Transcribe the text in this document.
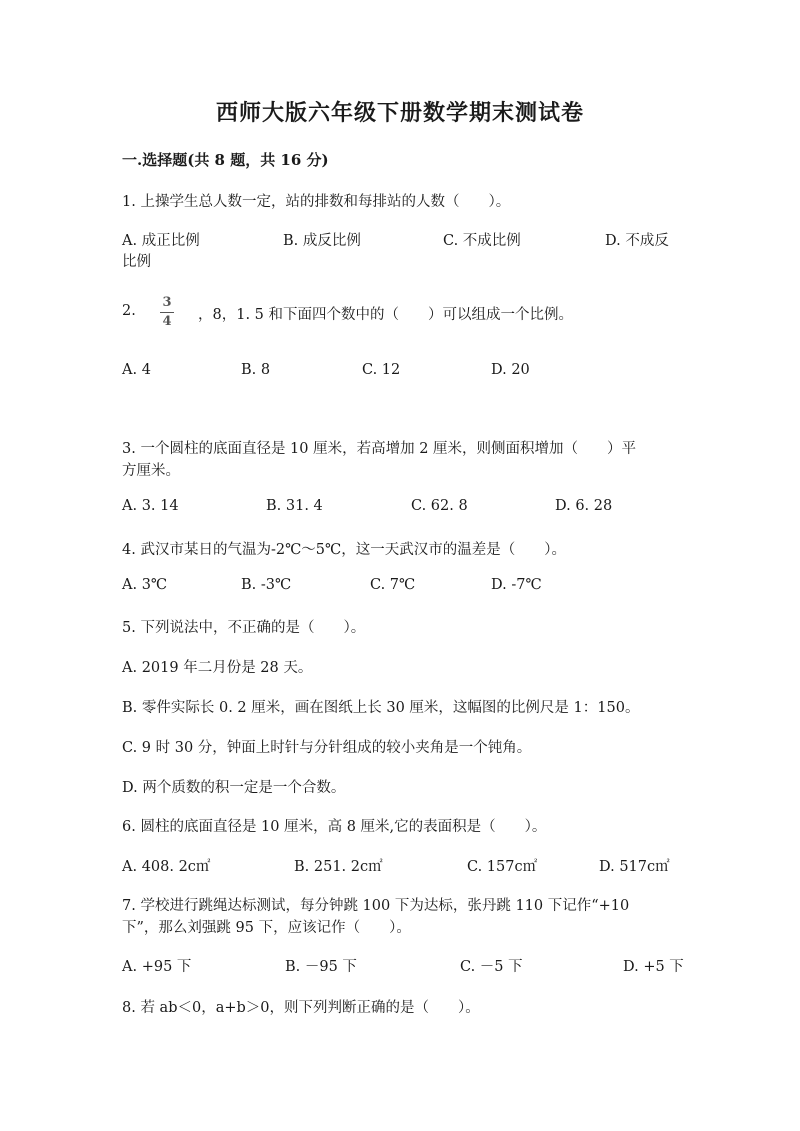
西师大版六年级下册数学期末测试卷
一.选择题(共 8 题，共 16 分)
1. 上操学生总人数一定，站的排数和每排站的人数（　　）。
A. 成正比例	B. 成反比例	C. 不成比例	D. 不成反
比例
2.
3
4 ，8，1. 5 和下面四个数中的（　　）可以组成一个比例。
A. 4	B. 8	C. 12	D. 20
3. 一个圆柱的底面直径是 10 厘米，若高增加 2 厘米，则侧面积增加（　　）平
方厘米。
A. 3. 14	B. 31. 4	C. 62. 8	D. 6. 28
4. 武汉市某日的气温为-2℃～5℃，这一天武汉市的温差是（　　）。
A. 3℃	B. -3℃	C. 7℃	D. -7℃
5. 下列说法中，不正确的是（　　）。
A. 2019 年二月份是 28 天。
B. 零件实际长 0. 2 厘米，画在图纸上长 30 厘米，这幅图的比例尺是 1：150。
C. 9 时 30 分，钟面上时针与分针组成的较小夹角是一个钝角。
D. 两个质数的积一定是一个合数。
6. 圆柱的底面直径是 10 厘米，高 8 厘米,它的表面积是（　　）。
A. 408. 2c㎡	B. 251. 2c㎡	C. 157c㎡	D. 517c㎡
7. 学校进行跳绳达标测试，每分钟跳 100 下为达标，张丹跳 110 下记作“+10
下”，那么刘强跳 95 下，应该记作（　　）。
A. +95 下	B. －95 下	C. －5 下	D. +5 下
8. 若 ab＜0，a+b＞0，则下列判断正确的是（　　）。
